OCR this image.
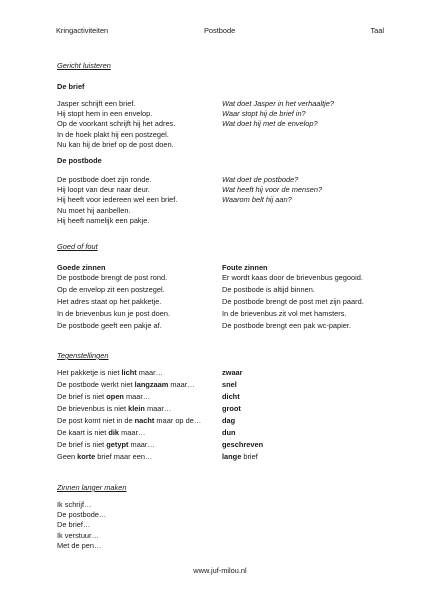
Kringactiviteiten	Postbode	Taal
Gericht luisteren
De brief
Jasper schrijft een brief.
Hij stopt hem in een envelop.
Op de voorkant schrijft hij het adres.
In de hoek plakt hij een postzegel.
Nu kan hij de brief op de post doen.
Wat doet Jasper in het verhaaltje?
Waar stopt hij de brief in?
Wat doet hij met de envelop?
De postbode
De postbode doet zijn ronde.
Hij loopt van deur naar deur.
Hij heeft voor iedereen wel een brief.
Nu moet hij aanbellen.
Hij heeft namelijk een pakje.
Wat doet de postbode?
Wat heeft hij voor de mensen?
Waarom belt hij aan?
Goed of fout
Goede zinnen	Foute zinnen
De postbode brengt de post rond.	Er wordt kaas door de brievenbus gegooid.
Op de envelop zit een postzegel.	De postbode is altijd binnen.
Het adres staat op het pakketje.	De postbode brengt de post met zijn paard.
In de brievenbus kun je post doen.	In de brievenbus zit vol met hamsters.
De postbode geeft een pakje af.	De postbode brengt een pak wc-papier.
Tegenstellingen
Het pakketje is niet licht maar…	zwaar
De postbode werkt niet langzaam maar…	snel
De brief is niet open maar…	dicht
De brievenbus is niet klein maar…	groot
De post komt niet in de nacht maar op de…	dag
De kaart is niet dik maar…	dun
De brief is niet getypt maar…	geschreven
Geen korte brief maar een…	lange brief
Zinnen langer maken
Ik schrijf…
De postbode…
De brief…
Ik verstuur…
Met de pen…
www.juf-milou.nl
